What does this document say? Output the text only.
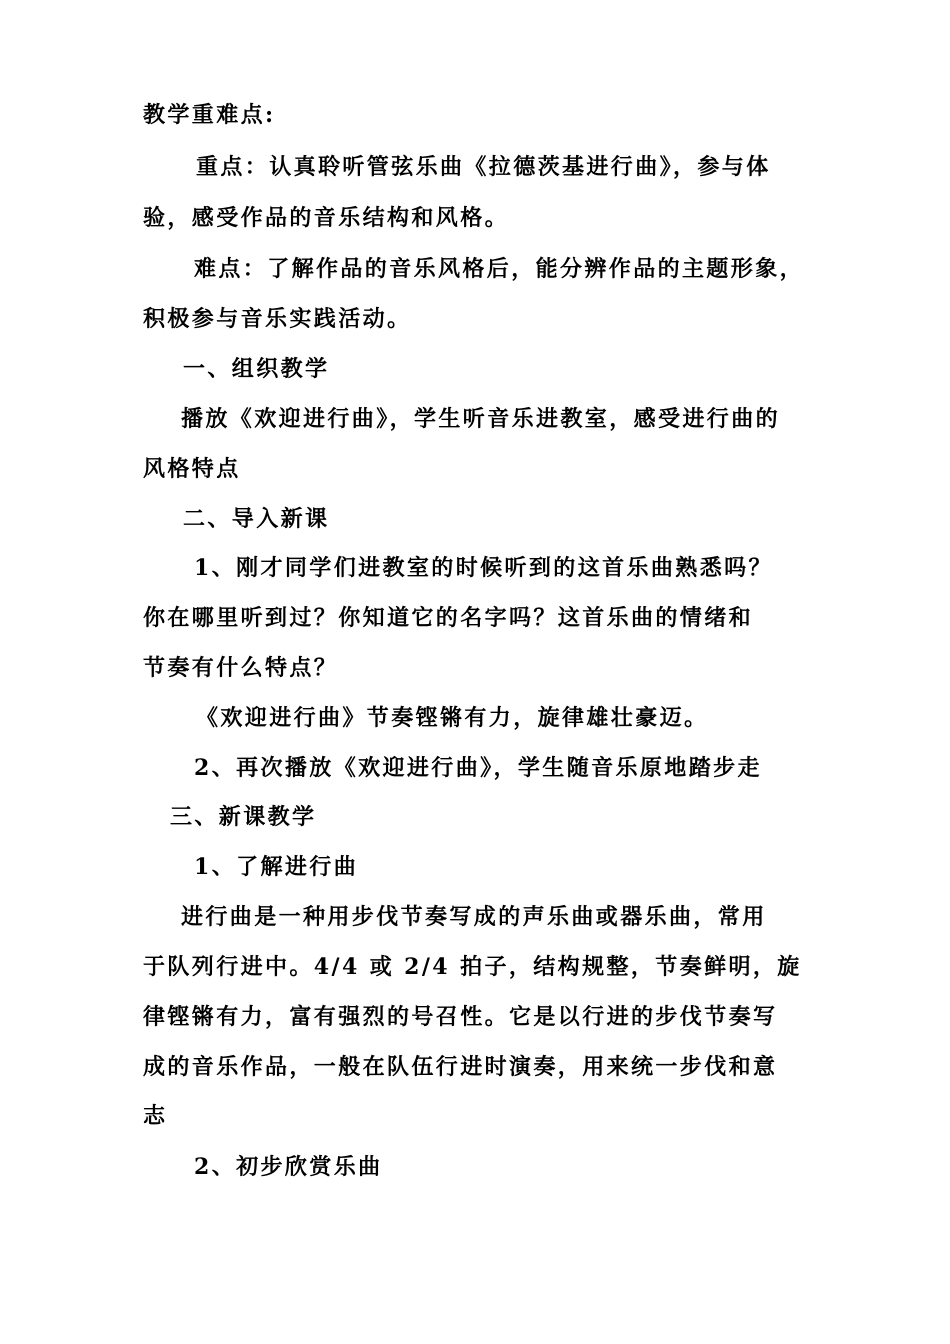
教学重难点:
重点：认真聆听管弦乐曲《拉德茨基进行曲》，参与体
验，感受作品的音乐结构和风格。
难点：了解作品的音乐风格后，能分辨作品的主题形象，
积极参与音乐实践活动。
一、组织教学
播放《欢迎进行曲》，学生听音乐进教室，感受进行曲的
风格特点
二、导入新课
1、刚才同学们进教室的时候听到的这首乐曲熟悉吗？
你在哪里听到过？你知道它的名字吗？这首乐曲的情绪和
节奏有什么特点？
《欢迎进行曲》节奏铿锵有力，旋律雄壮豪迈。
2、再次播放《欢迎进行曲》，学生随音乐原地踏步走
三、新课教学
1、了解进行曲
进行曲是一种用步伐节奏写成的声乐曲或器乐曲，常用
于队列行进中。4/4 或 2/4 拍子，结构规整，节奏鲜明，旋
律铿锵有力，富有强烈的号召性。它是以行进的步伐节奏写
成的音乐作品，一般在队伍行进时演奏，用来统一步伐和意
志
2、初步欣赏乐曲
